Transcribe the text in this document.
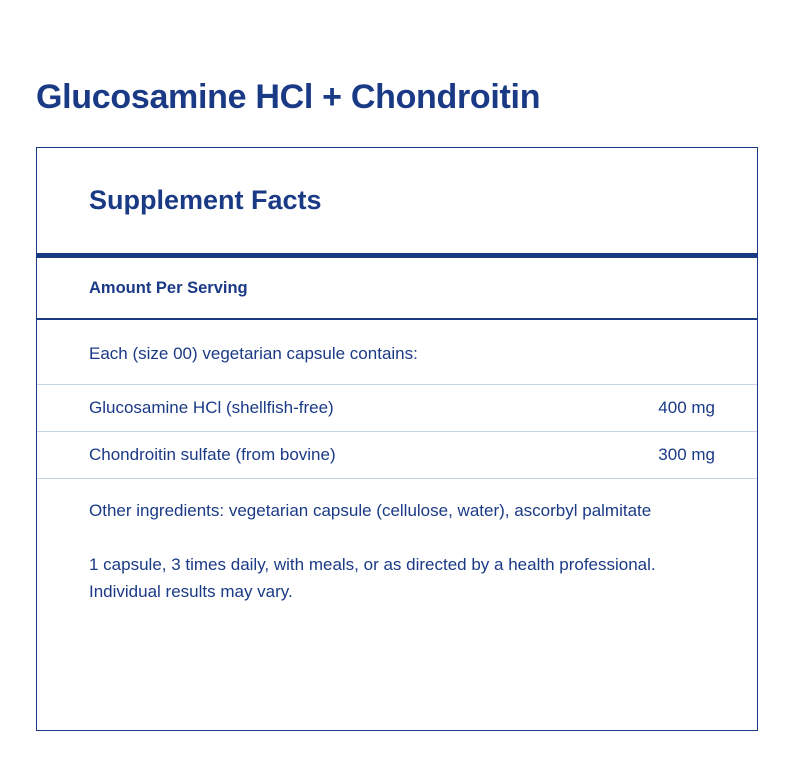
Glucosamine HCl + Chondroitin
Supplement Facts
Amount Per Serving
Each (size 00) vegetarian capsule contains:
Glucosamine HCl (shellfish-free)	400 mg
Chondroitin sulfate (from bovine)	300 mg
Other ingredients: vegetarian capsule (cellulose, water), ascorbyl palmitate
1 capsule, 3 times daily, with meals, or as directed by a health professional. Individual results may vary.
